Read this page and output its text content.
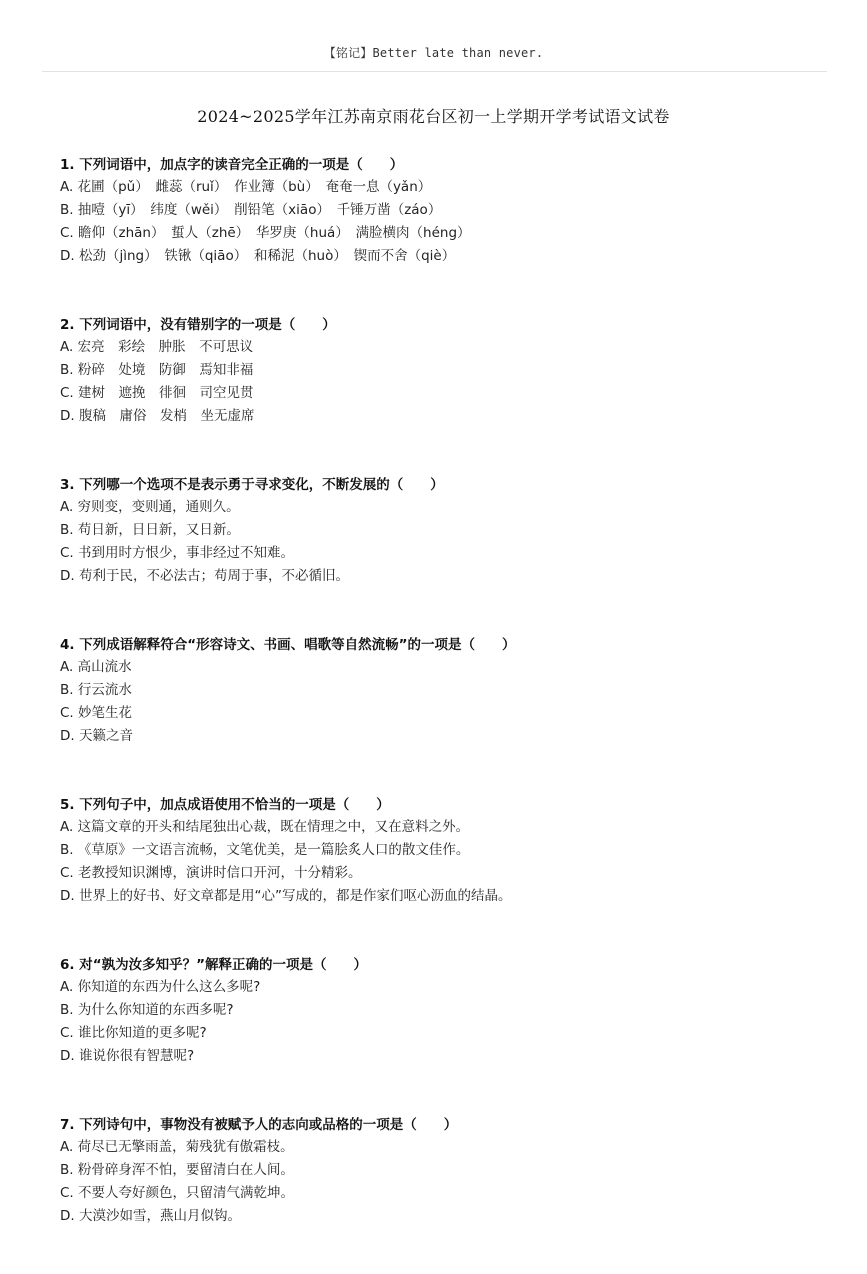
【铭记】Better late than never.
2024~2025学年江苏南京雨花台区初一上学期开学考试语文试卷
1. 下列词语中，加点字的读音完全正确的一项是（　　）
A. 花圃（pǔ）　雌蕊（ruǐ）　作业簿（bù）　奄奄一息（yǎn）
B. 抽噎（yī）　纬度（wěi）　削铅笔（xiāo）　千锤万凿（záo）
C. 瞻仰（zhān）　蜇人（zhē）　华罗庚（huá）　满脸横肉（héng）
D. 松劲（jìng）　铁锹（qiāo）　和稀泥（huò）　锲而不舍（qiè）
2. 下列词语中，没有错别字的一项是（　　）
A. 宏亮　彩绘　肿胀　不可思议
B. 粉碎　处境　防御　焉知非福
C. 建树　遮挽　徘徊　司空见贯
D. 腹稿　庸俗　发梢　坐无虚席
3. 下列哪一个选项不是表示勇于寻求变化，不断发展的（　　）
A. 穷则变，变则通，通则久。
B. 苟日新，日日新，又日新。
C. 书到用时方恨少，事非经过不知难。
D. 苟利于民，不必法古；苟周于事，不必循旧。
4. 下列成语解释符合“形容诗文、书画、唱歌等自然流畅”的一项是（　　）
A. 高山流水
B. 行云流水
C. 妙笔生花
D. 天籁之音
5. 下列句子中，加点成语使用不恰当的一项是（　　）
A. 这篇文章的开头和结尾独出心裁，既在情理之中，又在意料之外。
B. 《草原》一文语言流畅，文笔优美，是一篇脍炙人口的散文佳作。
C. 老教授知识渊博，演讲时信口开河，十分精彩。
D. 世界上的好书、好文章都是用“心”写成的，都是作家们呕心沥血的结晶。
6. 对“孰为汝多知乎？”解释正确的一项是（　　）
A. 你知道的东西为什么这么多呢?
B. 为什么你知道的东西多呢?
C. 谁比你知道的更多呢?
D. 谁说你很有智慧呢?
7. 下列诗句中，事物没有被赋予人的志向或品格的一项是（　　）
A. 荷尽已无擎雨盖，菊残犹有傲霜枝。
B. 粉骨碎身浑不怕，要留清白在人间。
C. 不要人夸好颜色，只留清气满乾坤。
D. 大漠沙如雪，燕山月似钩。
